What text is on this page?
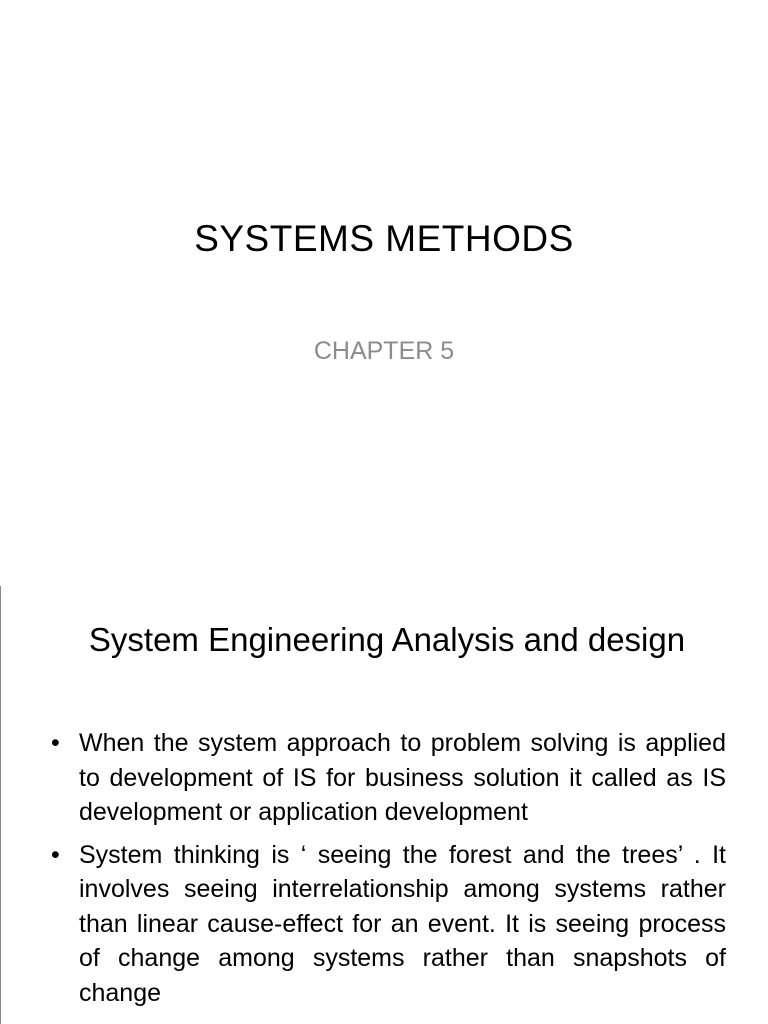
SYSTEMS METHODS

CHAPTER 5

System Engineering Analysis and design
• When the system approach to problem solving is applied to development of IS for business solution it called as IS development or application development
• System thinking is ‘ seeing the forest and the trees’ . It involves seeing interrelationship among systems rather than linear cause-effect for an event. It is seeing process of change among systems rather than snapshots of change
